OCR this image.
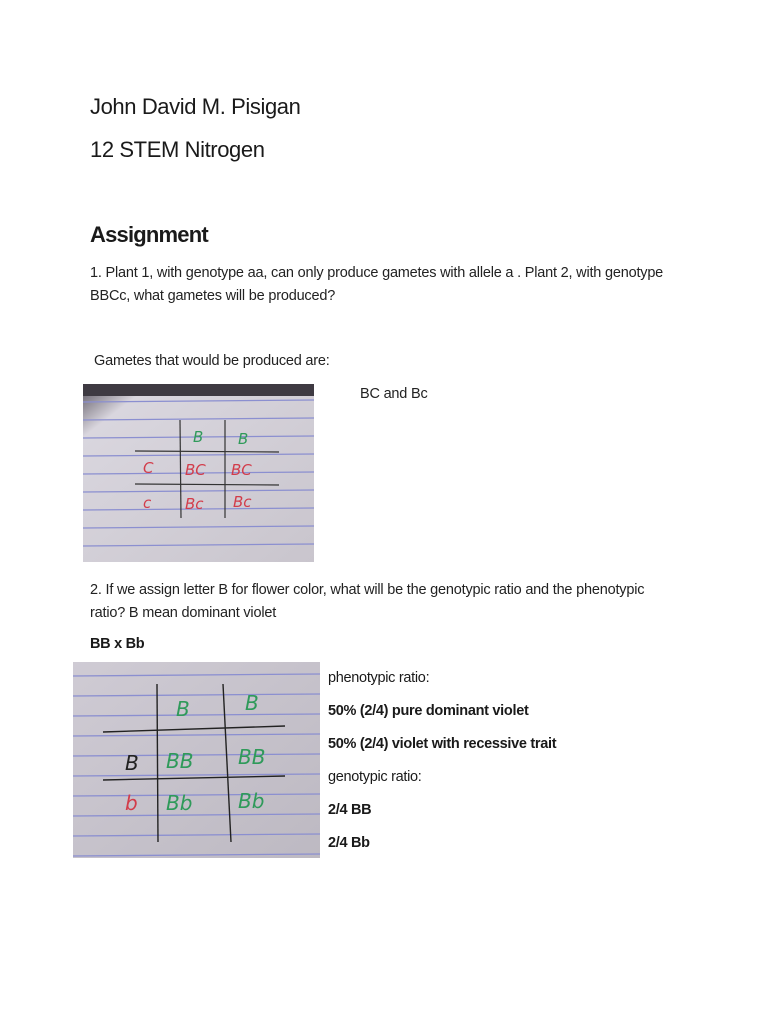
John David M. Pisigan
12 STEM Nitrogen
Assignment
1. Plant 1, with genotype aa, can only produce gametes with allele a . Plant 2, with genotype BBCc, what gametes will be produced?
Gametes that would be produced are:
BC and Bc
B B
C
c
BC BC
Bc Bc
2. If we assign letter B for flower color, what will be the genotypic ratio and the phenotypic ratio? B mean dominant violet
BB x Bb
B	B
B
b
BB BB
Bb Bb
phenotypic ratio:
50% (2/4) pure dominant violet
50% (2/4) violet with recessive trait
genotypic ratio:
2/4 BB
2/4 Bb
